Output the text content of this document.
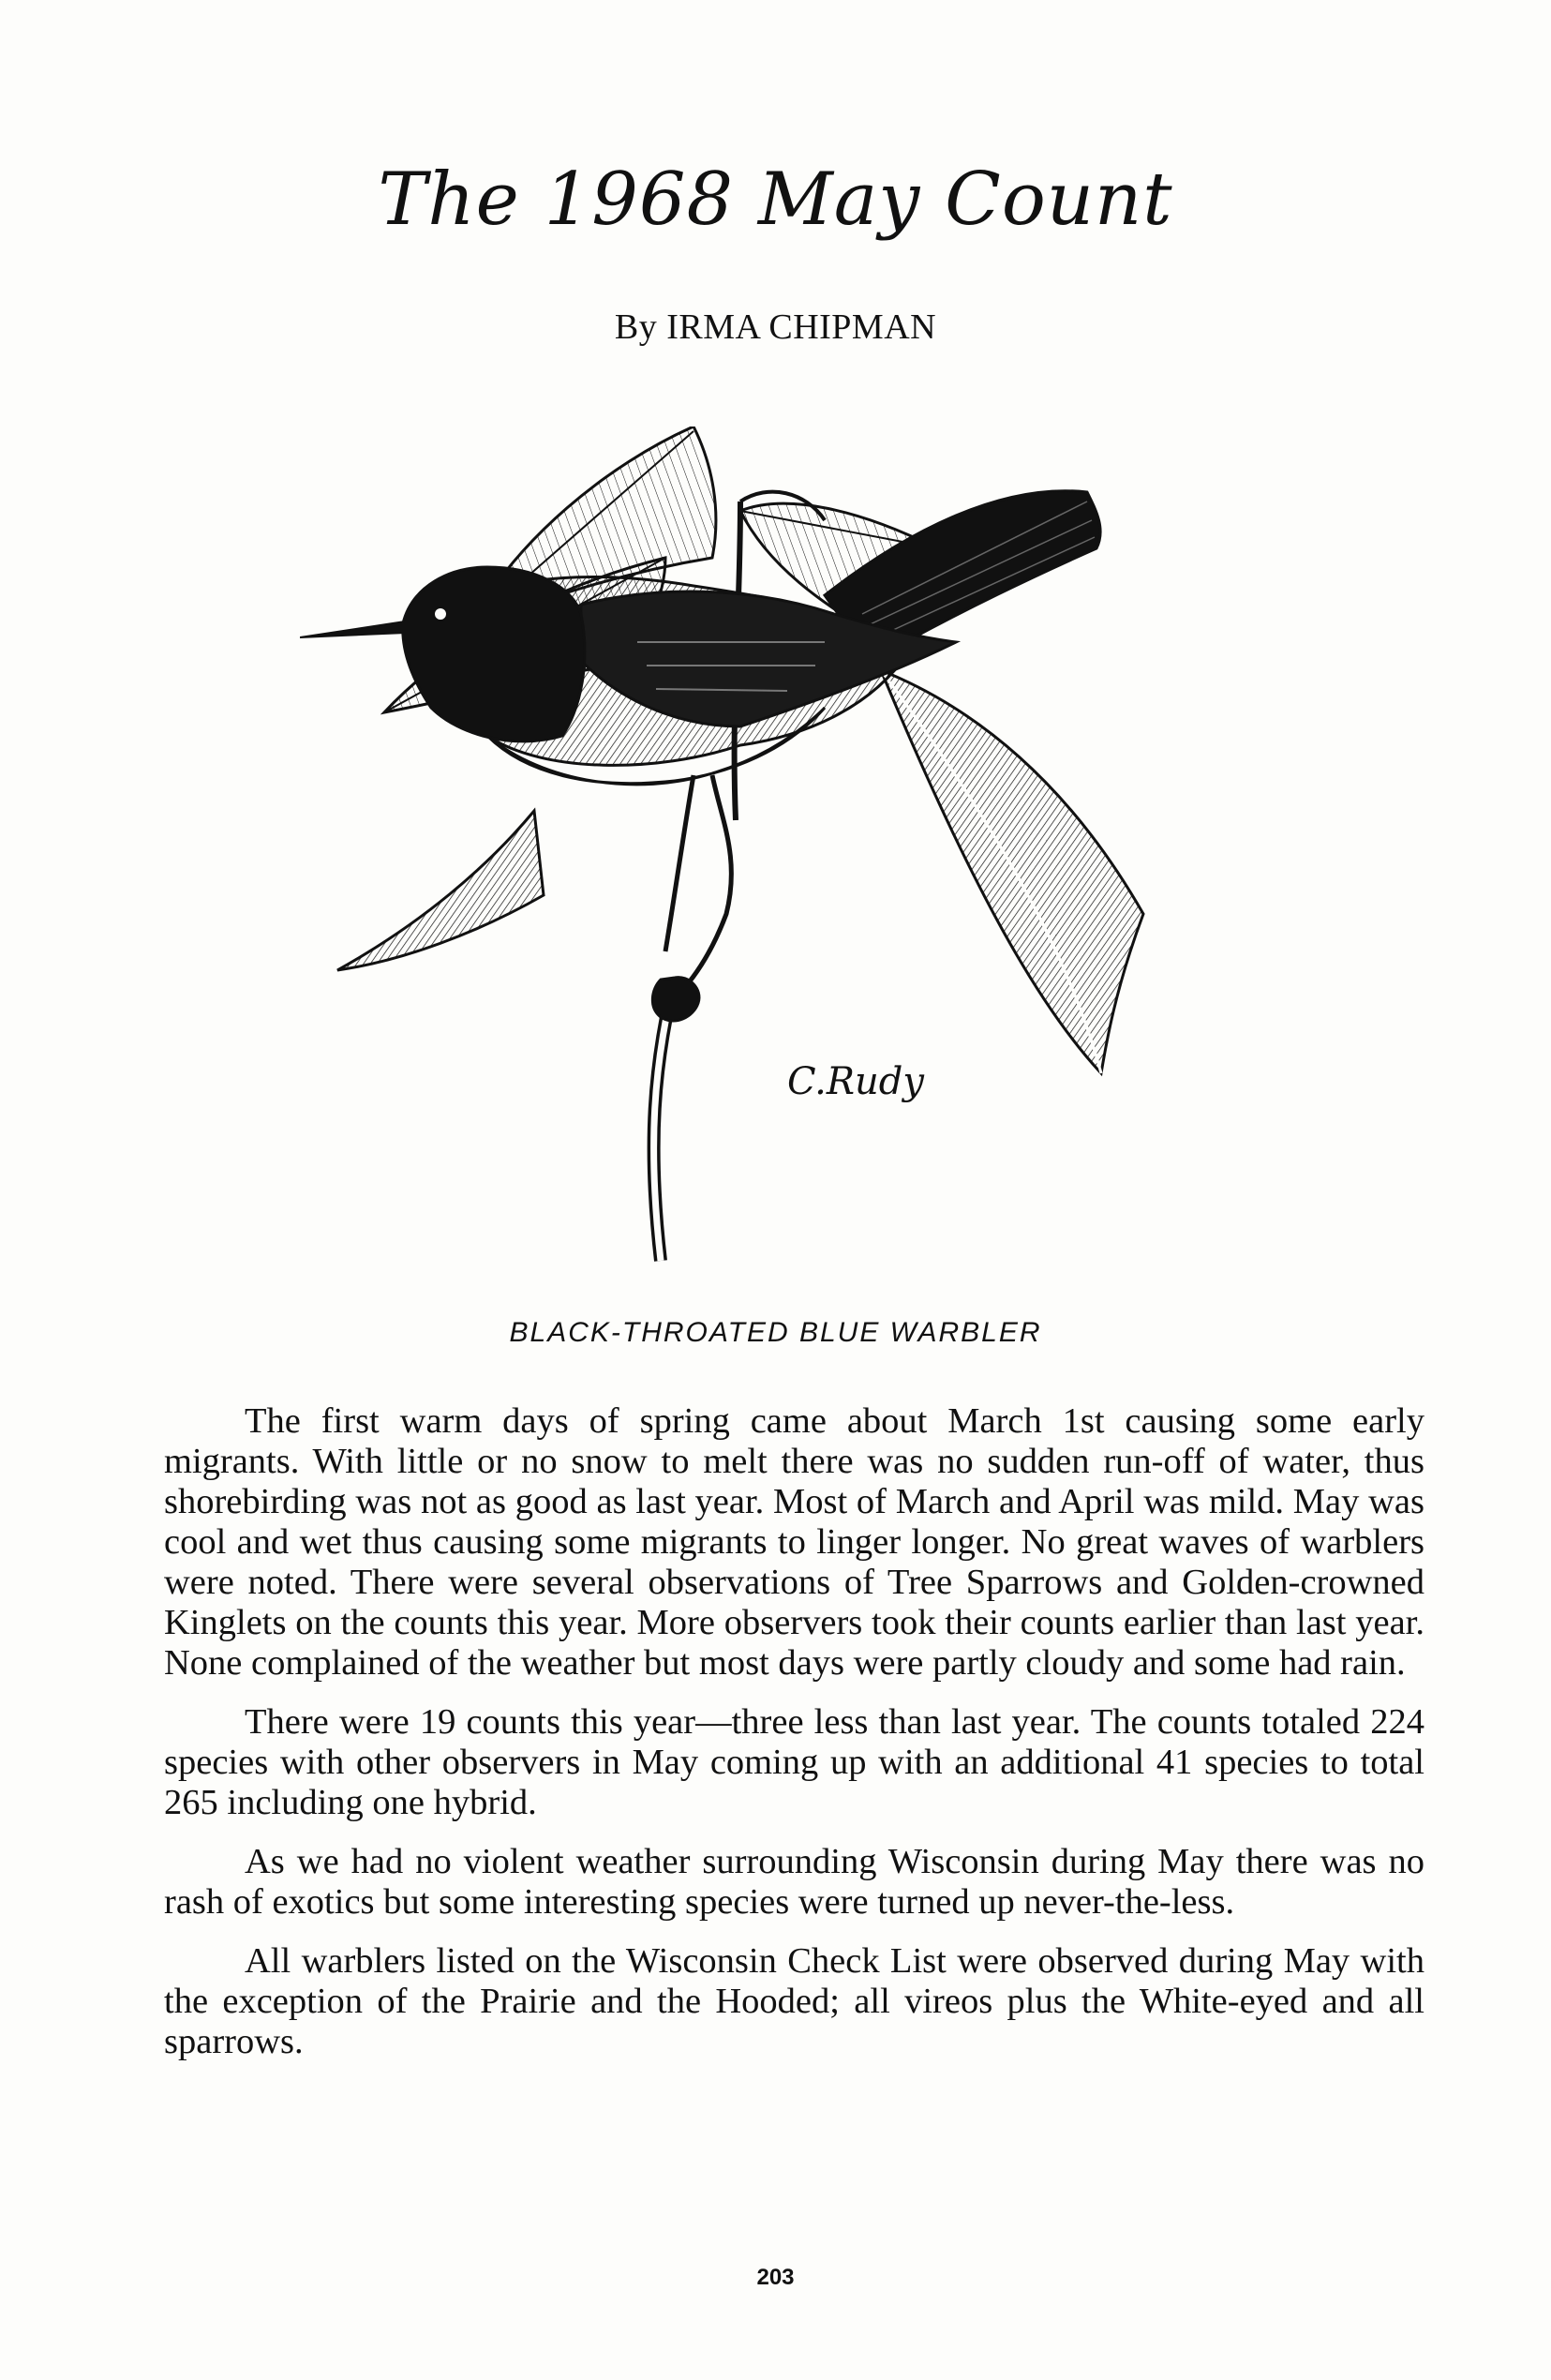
The 1968 May Count
By IRMA CHIPMAN
C.Rudy
BLACK-THROATED BLUE WARBLER

The first warm days of spring came about March 1st causing some early migrants. With little or no snow to melt there was no sudden run-off of water, thus shorebirding was not as good as last year. Most of March and April was mild. May was cool and wet thus causing some migrants to linger longer. No great waves of warblers were noted. There were several observations of Tree Sparrows and Golden-crowned Kinglets on the counts this year. More observers took their counts earlier than last year. None complained of the weather but most days were partly cloudy and some had rain.

There were 19 counts this year—three less than last year. The counts totaled 224 species with other observers in May coming up with an additional 41 species to total 265 including one hybrid.

As we had no violent weather surrounding Wisconsin during May there was no rash of exotics but some interesting species were turned up never-the-less.

All warblers listed on the Wisconsin Check List were observed during May with the exception of the Prairie and the Hooded; all vireos plus the White-eyed and all sparrows.

203
